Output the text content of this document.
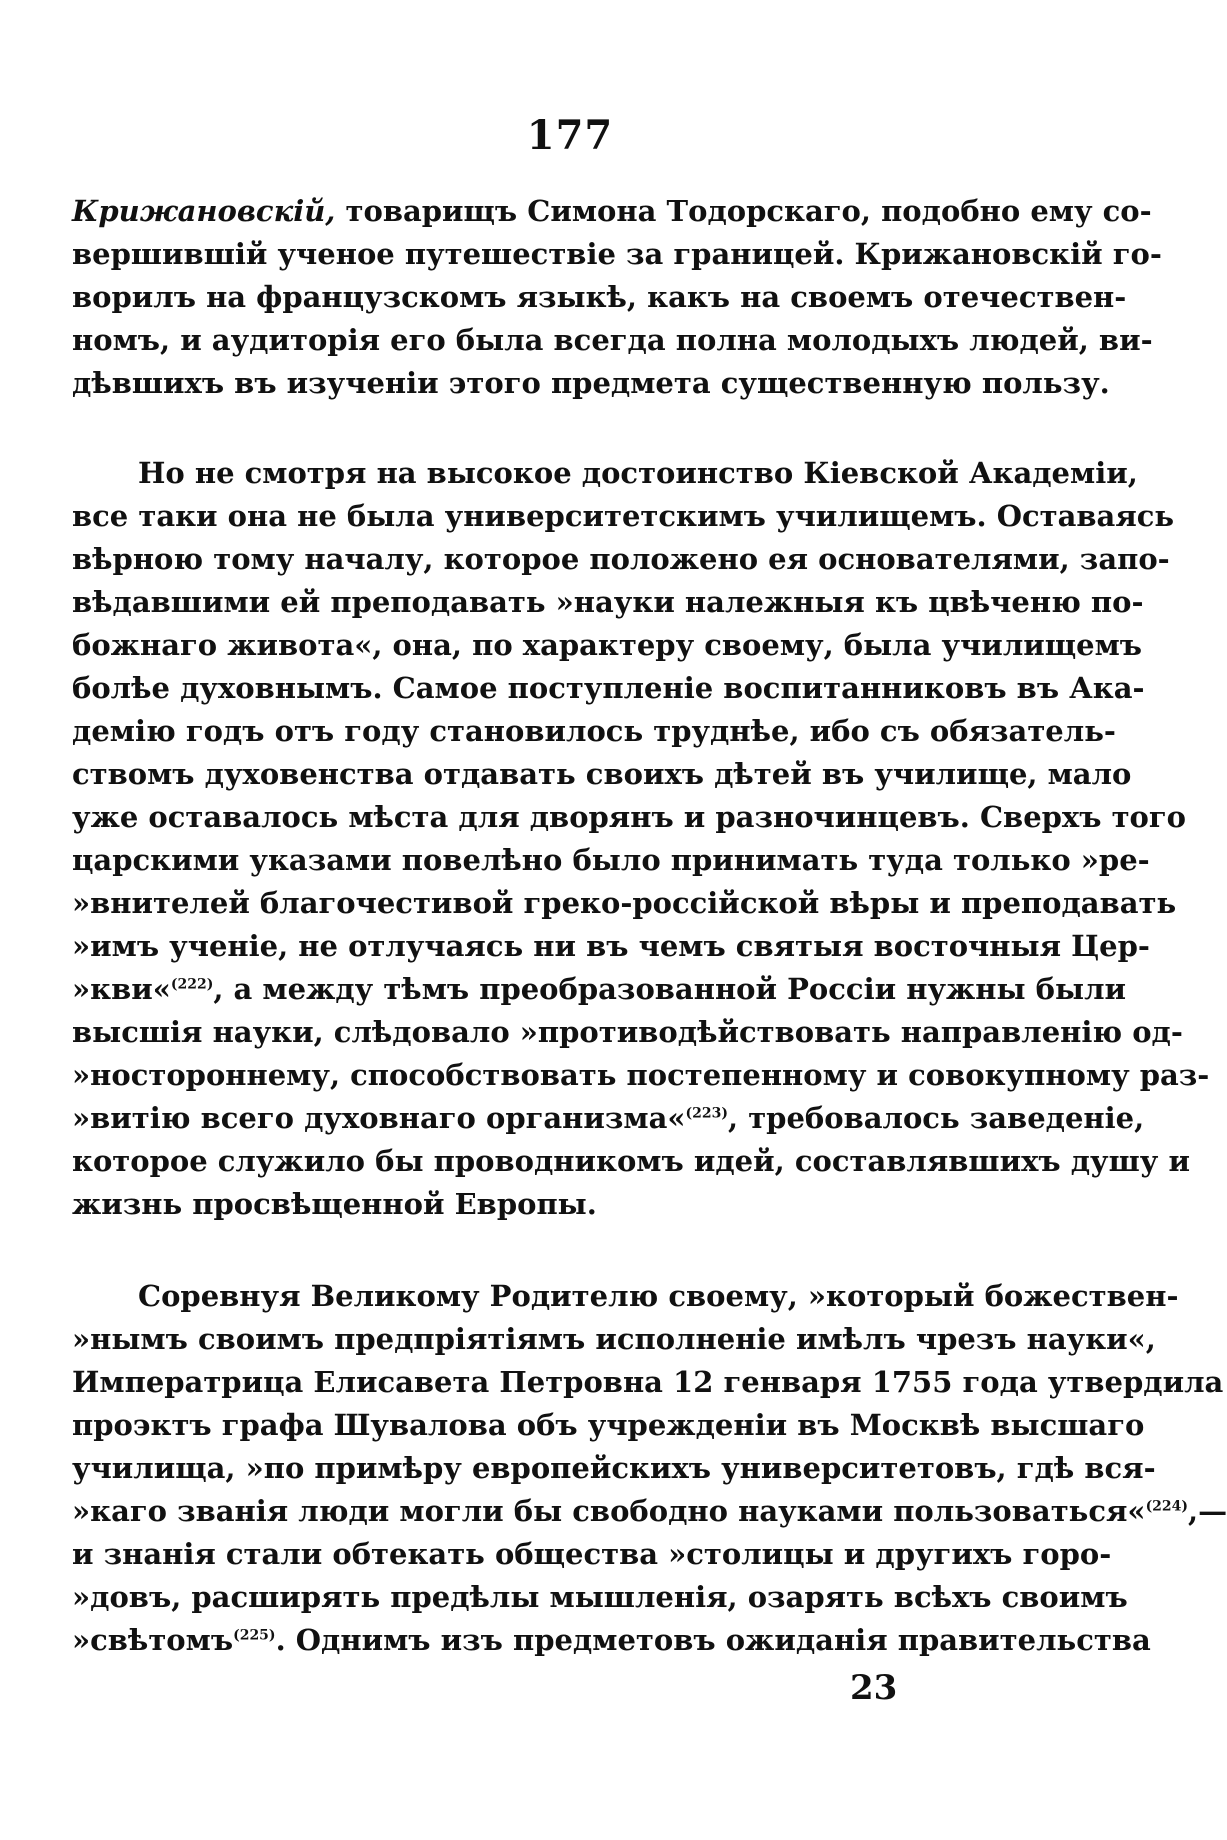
177
Крижановскій, товарищъ Симона Тодорскаго, подобно ему со-
вершившій ученое путешествіе за границей. Крижановскій го-
ворилъ на французскомъ языкѣ, какъ на своемъ отечествен-
номъ, и аудиторія его была всегда полна молодыхъ людей, ви-
дѣвшихъ въ изученіи этого предмета существенную пользу.
Но не смотря на высокое достоинство Кіевской Академіи,
все таки она не была университетскимъ училищемъ. Оставаясь
вѣрною тому началу, которое положено ея основателями, запо-
вѣдавшими ей преподавать »науки належныя къ цвѣченю по-
божнаго живота«, она, по характеру своему, была училищемъ
болѣе духовнымъ. Самое поступленіе воспитанниковъ въ Ака-
демію годъ отъ году становилось труднѣе, ибо съ обязатель-
ствомъ духовенства отдавать своихъ дѣтей въ училище, мало
уже оставалось мѣста для дворянъ и разночинцевъ. Сверхъ того
царскими указами повелѣно было принимать туда только »ре-
»внителей благочестивой греко-россійской вѣры и преподавать
»имъ ученіе, не отлучаясь ни въ чемъ святыя восточныя Цер-
»кви«$^{(222)}$, а между тѣмъ преобразованной Россіи нужны были
высшія науки, слѣдовало »противодѣйствовать направленію од-
»ностороннему, способствовать постепенному и совокупному раз-
»витію всего духовнаго организма«$^{(223)}$, требовалось заведеніе,
которое служило бы проводникомъ идей, составлявшихъ душу и
жизнь просвѣщенной Европы.
Соревнуя Великому Родителю своему, »который божествен-
»нымъ своимъ предпріятіямъ исполненіе имѣлъ чрезъ науки«,
Императрица Елисавета Петровна 12 генваря 1755 года утвердила
проэктъ графа Шувалова объ учрежденіи въ Москвѣ высшаго
училища, »по примѣру европейскихъ университетовъ, гдѣ вся-
»каго званія люди могли бы свободно науками пользоваться«$^{(224)}$,—
и знанія стали обтекать общества »столицы и другихъ горо-
»довъ, расширять предѣлы мышленія, озарять всѣхъ своимъ
»свѣтомъ$^{(225)}$. Однимъ изъ предметовъ ожиданія правительства
23
